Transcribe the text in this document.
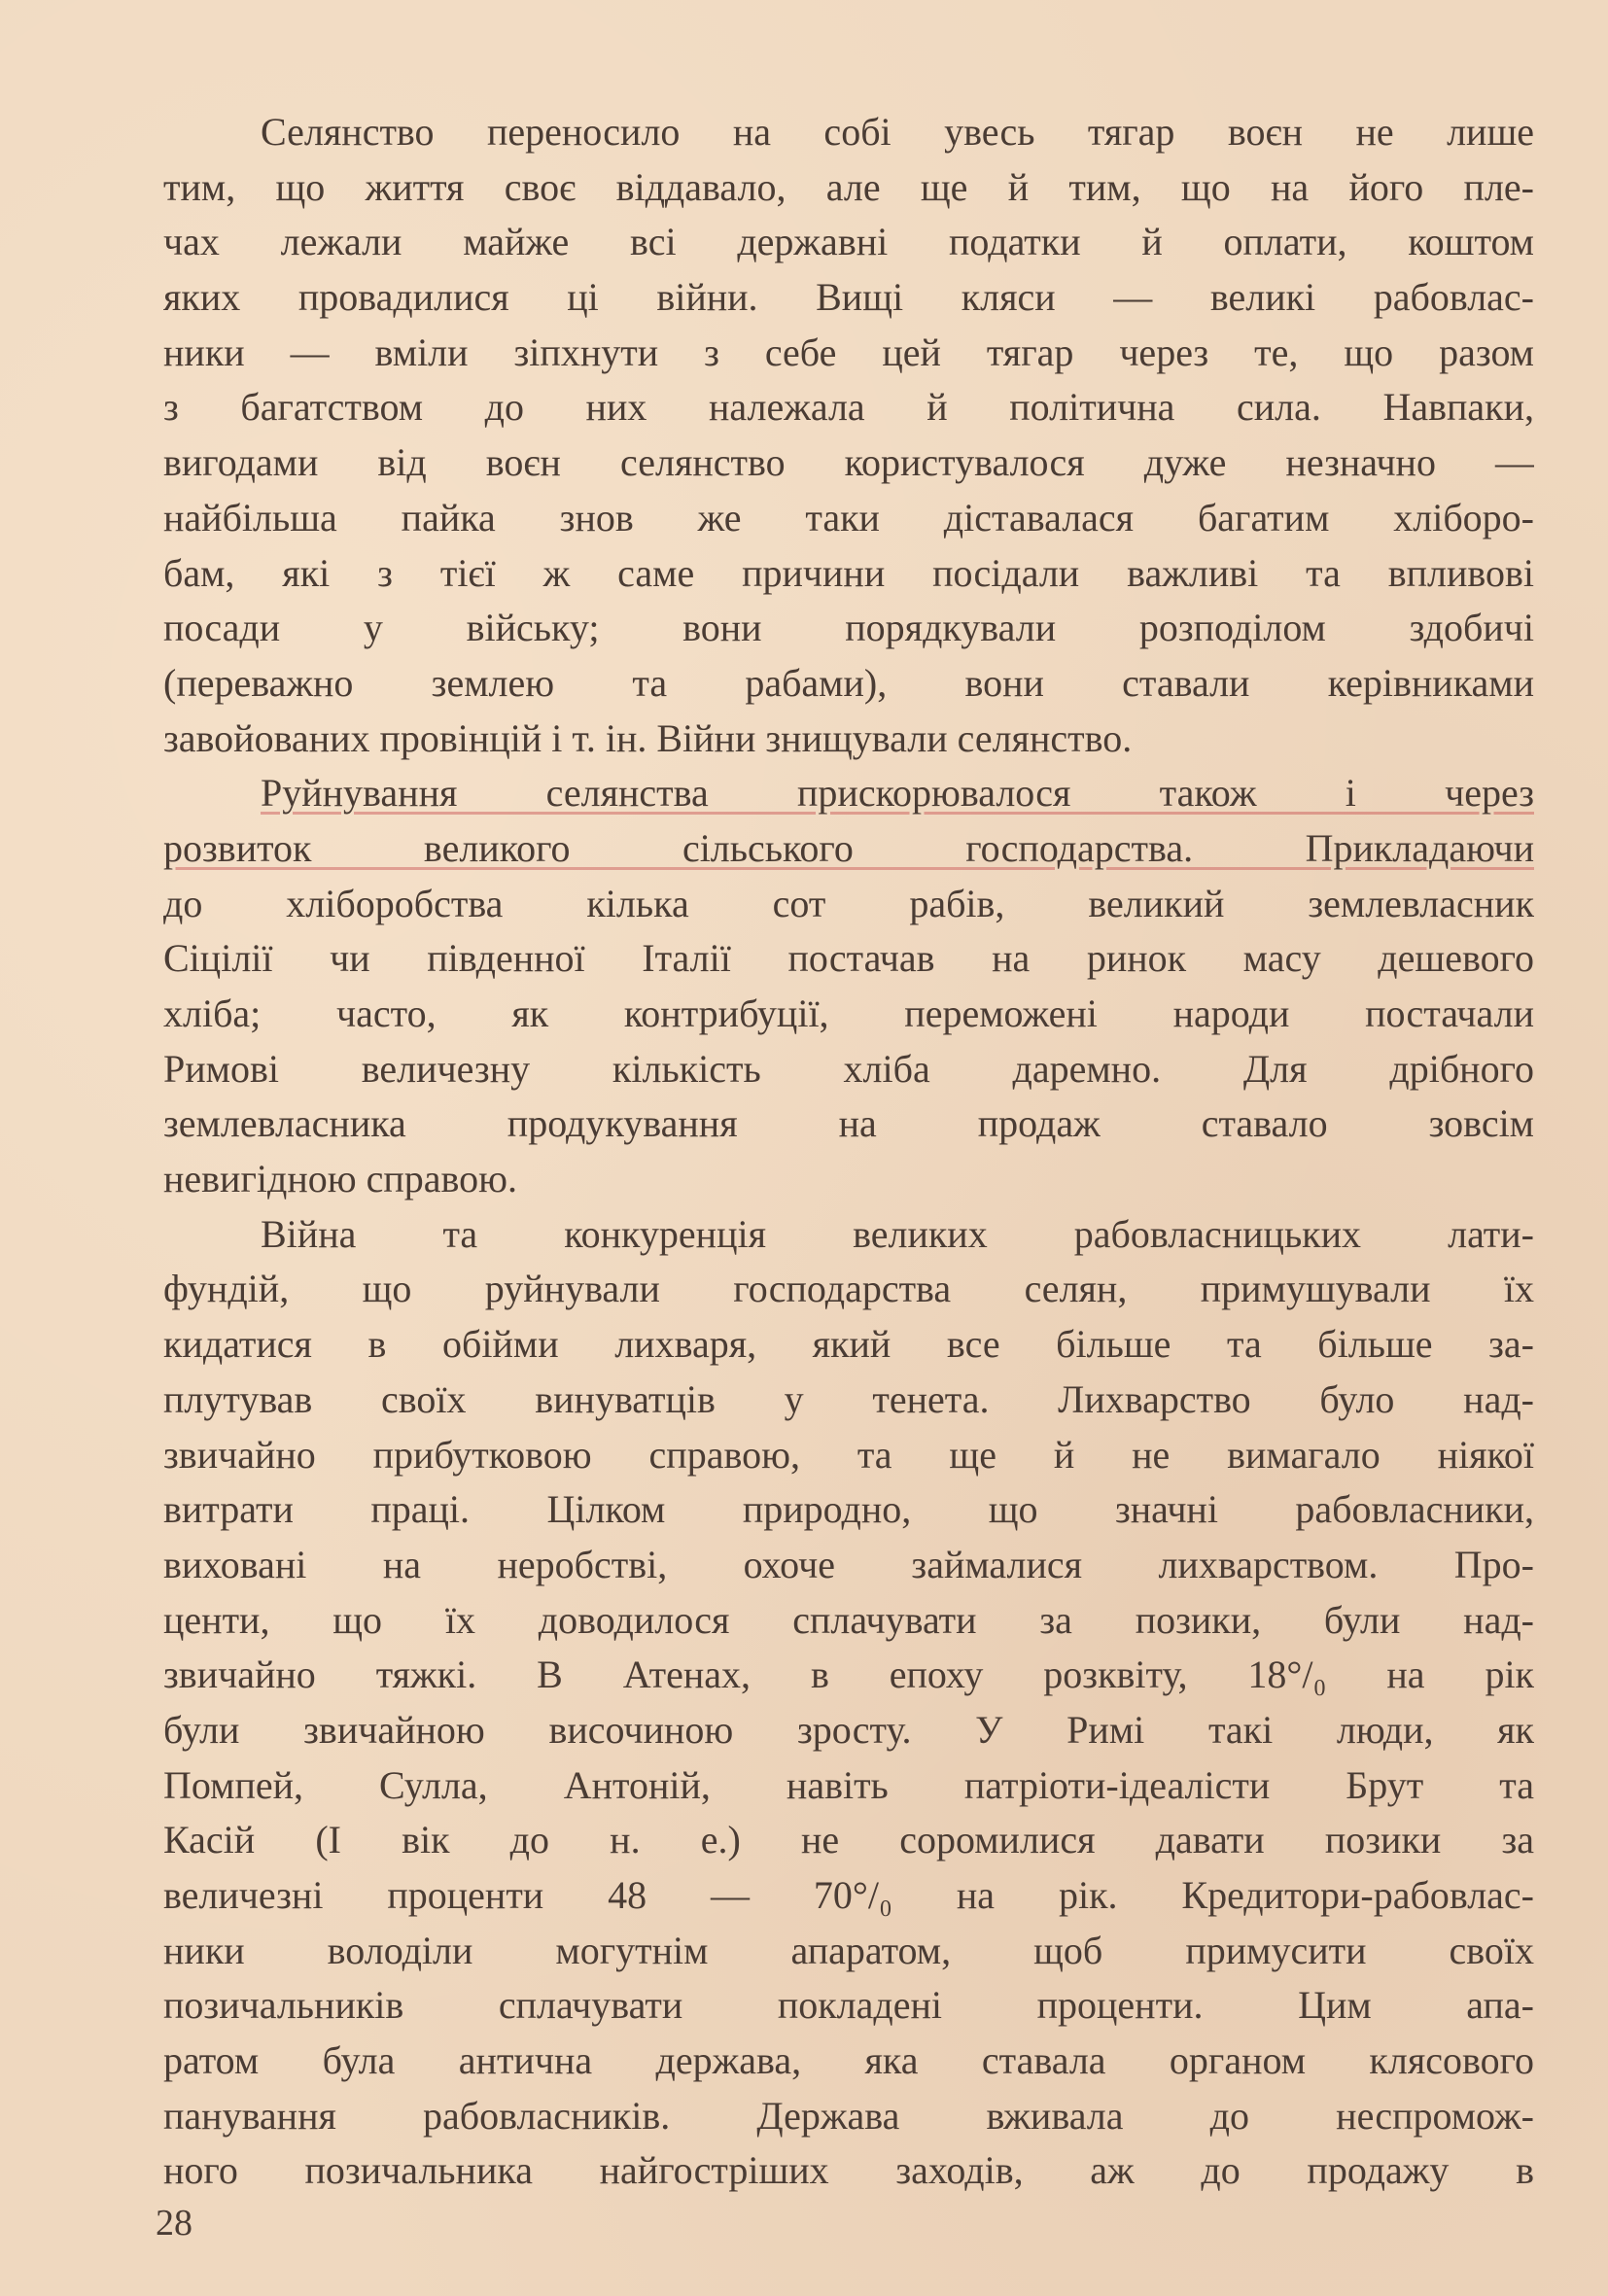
Селянство переносило на собі увесь тягар воєн не лише
тим, що життя своє віддавало, але ще й тим, що на його пле-
чах лежали майже всі державні податки й оплати, коштом
яких провадилися ці війни. Вищі кляси — великі рабовлас-
ники — вміли зіпхнути з себе цей тягар через те, що разом
з багатством до них належала й політична сила. Навпаки,
вигодами від воєн селянство користувалося дуже незначно —
найбільша пайка знов же таки діставалася багатим хліборо-
бам, які з тієї ж саме причини посідали важливі та впливові
посади у війську; вони порядкували розподілом здобичі
(переважно землею та рабами), вони ставали керівниками
завойованих провінцій і т. ін. Війни знищували селянство.
Руйнування селянства прискорювалося також і через
розвиток великого сільського господарства. Прикладаючи
до хліборобства кілька сот рабів, великий землевласник
Сіцілії чи південної Італії постачав на ринок масу дешевого
хліба; часто, як контрибуції, переможені народи постачали
Римові величезну кількість хліба даремно. Для дрібного
землевласника продукування на продаж ставало зовсім
невигідною справою.
Війна та конкуренція великих рабовласницьких лати-
фундій, що руйнували господарства селян, примушували їх
кидатися в обійми лихваря, який все більше та більше за-
плутував своїх винуватців у тенета. Лихварство було над-
звичайно прибутковою справою, та ще й не вимагало ніякої
витрати праці. Цілком природно, що значні рабовласники,
виховані на неробстві, охоче займалися лихварством. Про-
центи, що їх доводилося сплачувати за позики, були над-
звичайно тяжкі. В Атенах, в епоху розквіту, 18°/₀ на рік
були звичайною височиною зросту. У Римі такі люди, як
Помпей, Сулла, Антоній, навіть патріоти-ідеалісти Брут та
Касій (І вік до н. е.) не соромилися давати позики за
величезні проценти 48 — 70°/₀ на рік. Кредитори-рабовлас-
ники володіли могутнім апаратом, щоб примусити своїх
позичальників сплачувати покладені проценти. Цим апа-
ратом була антична держава, яка ставала органом клясового
панування рабовласників. Держава вживала до неспромож-
ного позичальника найгостріших заходів, аж до продажу в
28
